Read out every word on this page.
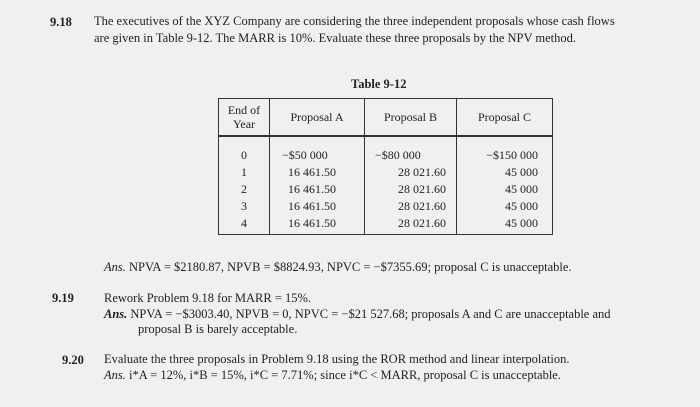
9.18 The executives of the XYZ Company are considering the three independent proposals whose cash flows
are given in Table 9-12. The MARR is 10%. Evaluate these three proposals by the NPV method.
Table 9-12
End of
Year	Proposal A	Proposal B	Proposal C
0	−$50 000	−$80 000	−$150 000
1	16 461.50	28 021.60	45 000
2	16 461.50	28 021.60	45 000
3	16 461.50	28 021.60	45 000
4	16 461.50	28 021.60	45 000
Ans. NPVA = $2180.87, NPVB = $8824.93, NPVC = −$7355.69; proposal C is unacceptable.
9.19 Rework Problem 9.18 for MARR = 15%.
Ans. NPVA = −$3003.40, NPVB = 0, NPVC = −$21 527.68; proposals A and C are unacceptable and
proposal B is barely acceptable.
9.20 Evaluate the three proposals in Problem 9.18 using the ROR method and linear interpolation.
Ans. i*A = 12%, i*B = 15%, i*C = 7.71%; since i*C < MARR, proposal C is unacceptable.
